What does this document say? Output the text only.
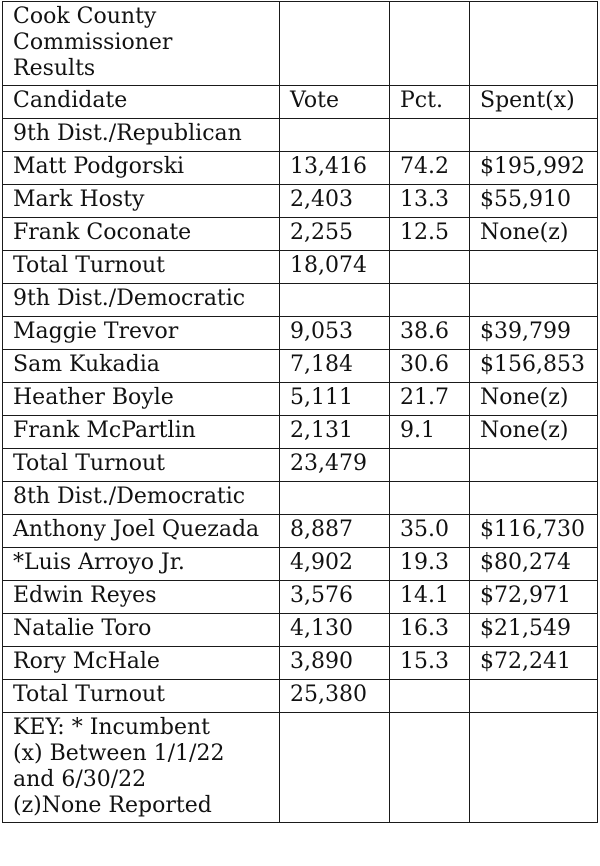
Cook County
Commissioner
Results			

Candidate	Vote	Pct.	Spent(x)
9th Dist./Republican			
Matt Podgorski	13,416	74.2	$195,992
Mark Hosty	2,403	13.3	$55,910
Frank Coconate	2,255	12.5	None(z)
Total Turnout	18,074		
9th Dist./Democratic			
Maggie Trevor	9,053	38.6	$39,799
Sam Kukadia	7,184	30.6	$156,853
Heather Boyle	5,111	21.7	None(z)
Frank McPartlin	2,131	9.1	None(z)
Total Turnout	23,479		
8th Dist./Democratic			
Anthony Joel Quezada	8,887	35.0	$116,730
*Luis Arroyo Jr.	4,902	19.3	$80,274
Edwin Reyes	3,576	14.1	$72,971
Natalie Toro	4,130	16.3	$21,549
Rory McHale	3,890	15.3	$72,241
Total Turnout	25,380		

KEY: * Incumbent
(x) Between 1/1/22
and 6/30/22
(z)None Reported			
